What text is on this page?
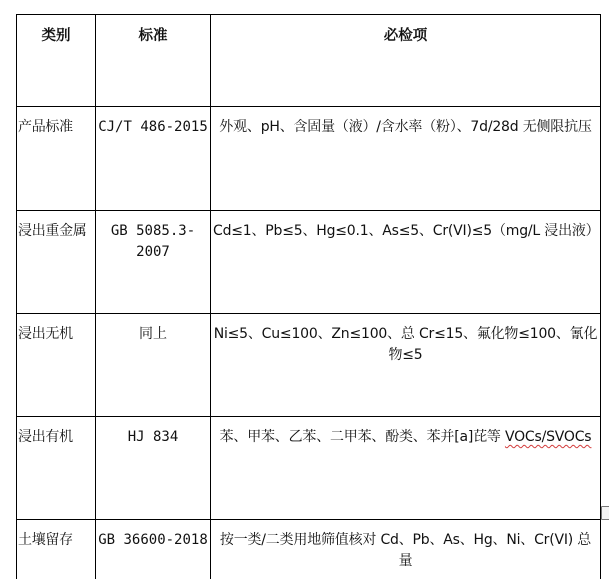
类别	标准	必检项
产品标准	CJ/T 486-2015	外观、pH、含固量（液）/含水率（粉）、7d/28d 无侧限抗压
浸出重金属	GB 5085.3-2007	Cd≤1、Pb≤5、Hg≤0.1、As≤5、Cr(VI)≤5（mg/L 浸出液）
浸出无机	同上	Ni≤5、Cu≤100、Zn≤100、总 Cr≤15、氟化物≤100、氰化物≤5
浸出有机	HJ 834	苯、甲苯、乙苯、二甲苯、酚类、苯并[a]芘等 VOCs/SVOCs
土壤留存	GB 36600-2018	按一类/二类用地筛值核对 Cd、Pb、As、Hg、Ni、Cr(VI) 总量
